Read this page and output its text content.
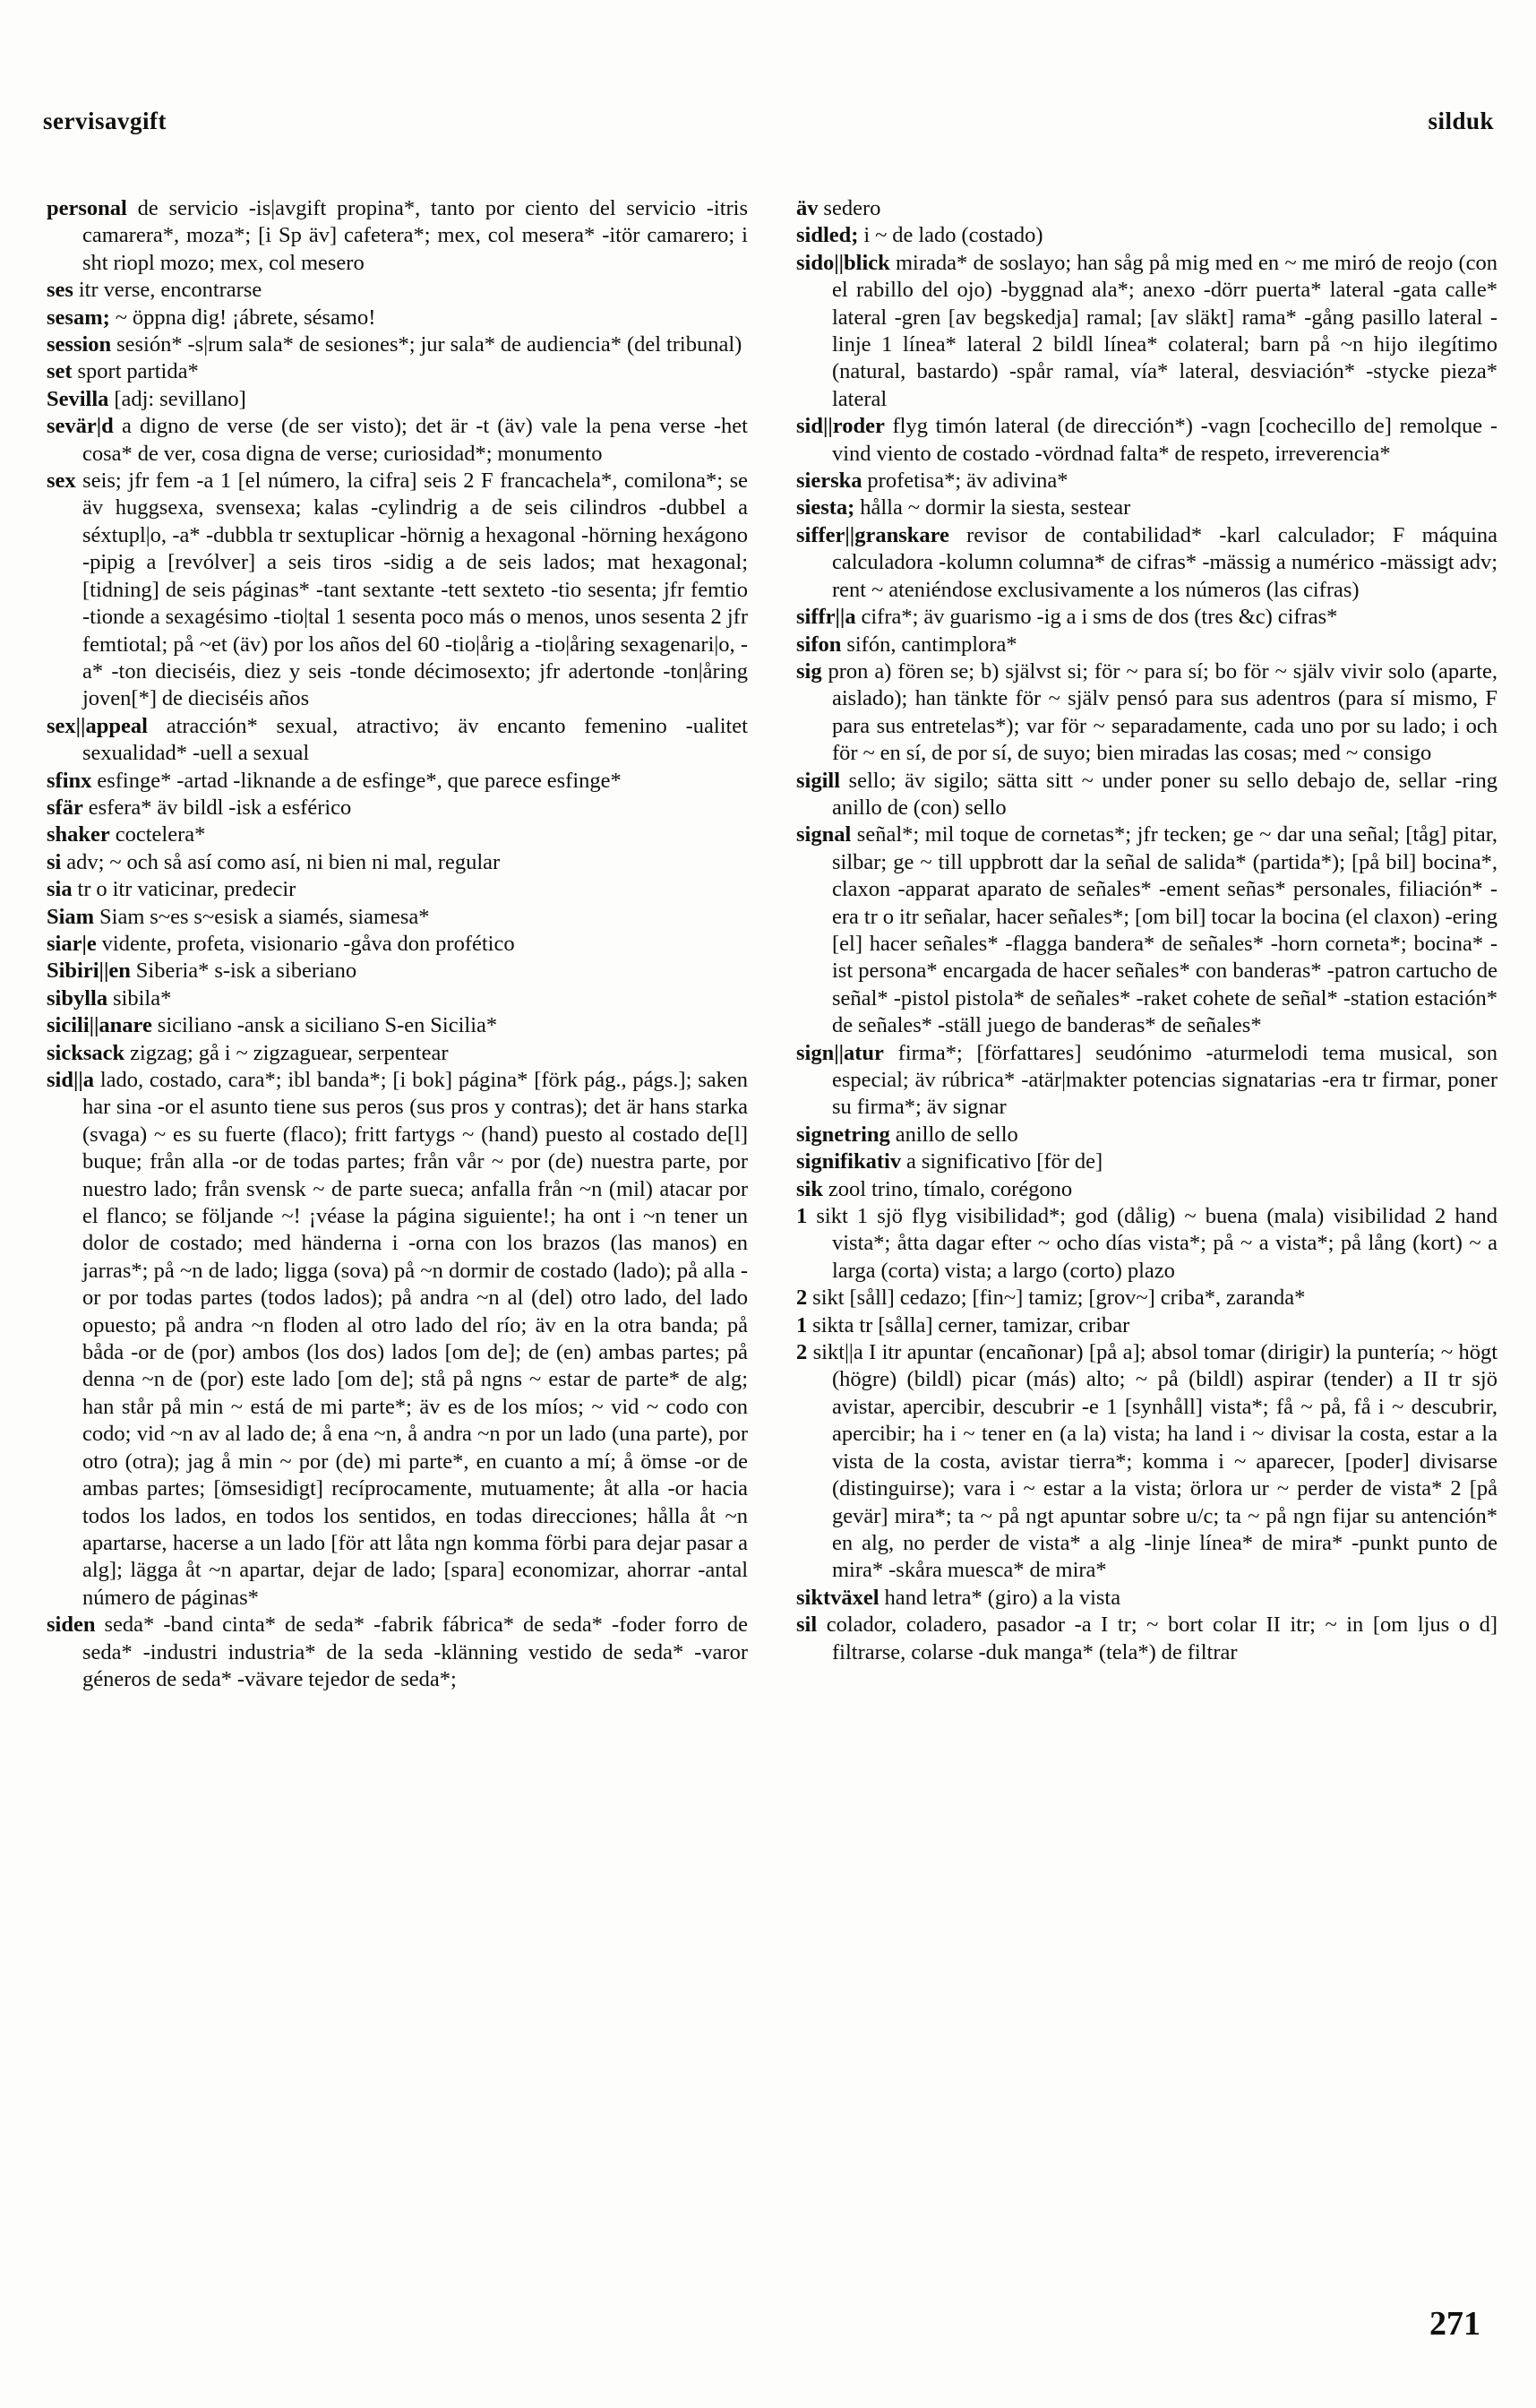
servisavgift	silduk

personal de servicio -is|avgift propina*, tanto por ciento del servicio -itris camarera*, moza*; [i Sp äv] cafetera*; mex, col mesera* -itör camarero; i sht riopl mozo; mex, col mesero

ses itr verse, encontrarse

sesam; ~ öppna dig! ¡ábrete, sésamo!

session sesión* -s|rum sala* de sesiones*; jur sala* de audiencia* (del tribunal)

set sport partida*

Sevilla [adj: sevillano]

sevär|d a digno de verse (de ser visto); det är -t (äv) vale la pena verse -het cosa* de ver, cosa digna de verse; curiosidad*; monumento

sex seis; jfr fem -a 1 [el número, la cifra] seis 2 F francachela*, comilona*; se äv huggsexa, svensexa; kalas -cylindrig a de seis cilindros -dubbel a séxtupl|o, -a* -dubbla tr sextuplicar -hörnig a hexagonal -hörning hexágono -pipig a [revólver] a seis tiros -sidig a de seis lados; mat hexagonal; [tidning] de seis páginas* -tant sextante -tett sexteto -tio sesenta; jfr femtio -tionde a sexagésimo -tio|tal 1 sesenta poco más o menos, unos sesenta 2 jfr femtiotal; på ~et (äv) por los años del 60 -tio|årig a -tio|åring sexagenari|o, -a* -ton dieciséis, diez y seis -tonde décimosexto; jfr adertonde -ton|åring joven[*] de dieciséis años

sex||appeal atracción* sexual, atractivo; äv encanto femenino -ualitet sexualidad* -uell a sexual

sfinx esfinge* -artad -liknande a de esfinge*, que parece esfinge*

sfär esfera* äv bildl -isk a esférico

shaker coctelera*

si adv; ~ och så así como así, ni bien ni mal, regular

sia tr o itr vaticinar, predecir

Siam Siam s~es s~esisk a siamés, siamesa*

siar|e vidente, profeta, visionario -gåva don profético

Sibiri||en Siberia* s-isk a siberiano

sibylla sibila*

sicili||anare siciliano -ansk a siciliano S-en Sicilia*

sicksack zigzag; gå i ~ zigzaguear, serpentear

sid||a lado, costado, cara*; ibl banda*; [i bok] página* [förk pág., págs.]; saken har sina -or el asunto tiene sus peros (sus pros y contras); det är hans starka (svaga) ~ es su fuerte (flaco); fritt fartygs ~ (hand) puesto al costado de[l] buque; från alla -or de todas partes; från vår ~ por (de) nuestra parte, por nuestro lado; från svensk ~ de parte sueca; anfalla från ~n (mil) atacar por el flanco; se följande ~! ¡véase la página siguiente!; ha ont i ~n tener un dolor de costado; med händerna i -orna con los brazos (las manos) en jarras*; på ~n de lado; ligga (sova) på ~n dormir de costado (lado); på alla -or por todas partes (todos lados); på andra ~n al (del) otro lado, del lado opuesto; på andra ~n floden al otro lado del río; äv en la otra banda; på båda -or de (por) ambos (los dos) lados [om de]; de (en) ambas partes; på denna ~n de (por) este lado [om de]; stå på ngns ~ estar de parte* de alg; han står på min ~ está de mi parte*; äv es de los míos; ~ vid ~ codo con codo; vid ~n av al lado de; å ena ~n, å andra ~n por un lado (una parte), por otro (otra); jag å min ~ por (de) mi parte*, en cuanto a mí; å ömse -or de ambas partes; [ömsesidigt] recíprocamente, mutuamente; åt alla -or hacia todos los lados, en todos los sentidos, en todas direcciones; hålla åt ~n apartarse, hacerse a un lado [för att låta ngn komma förbi para dejar pasar a alg]; lägga åt ~n apartar, dejar de lado; [spara] economizar, ahorrar -antal número de páginas*

siden seda* -band cinta* de seda* -fabrik fábrica* de seda* -foder forro de seda* -industri industria* de la seda -klänning vestido de seda* -varor géneros de seda* -vävare tejedor de seda*;

äv sedero

sidled; i ~ de lado (costado)

sido||blick mirada* de soslayo; han såg på mig med en ~ me miró de reojo (con el rabillo del ojo) -byggnad ala*; anexo -dörr puerta* lateral -gata calle* lateral -gren [av begskedja] ramal; [av släkt] rama* -gång pasillo lateral -linje 1 línea* lateral 2 bildl línea* colateral; barn på ~n hijo ilegítimo (natural, bastardo) -spår ramal, vía* lateral, desviación* -stycke pieza* lateral

sid||roder flyg timón lateral (de dirección*) -vagn [cochecillo de] remolque -vind viento de costado -vördnad falta* de respeto, irreverencia*

sierska profetisa*; äv adivina*

siesta; hålla ~ dormir la siesta, sestear

siffer||granskare revisor de contabilidad* -karl calculador; F máquina calculadora -kolumn columna* de cifras* -mässig a numérico -mässigt adv; rent ~ ateniéndose exclusivamente a los números (las cifras)

siffr||a cifra*; äv guarismo -ig a i sms de dos (tres &c) cifras*

sifon sifón, cantimplora*

sig pron a) fören se; b) självst si; för ~ para sí; bo för ~ själv vivir solo (aparte, aislado); han tänkte för ~ själv pensó para sus adentros (para sí mismo, F para sus entretelas*); var för ~ separadamente, cada uno por su lado; i och för ~ en sí, de por sí, de suyo; bien miradas las cosas; med ~ consigo

sigill sello; äv sigilo; sätta sitt ~ under poner su sello debajo de, sellar -ring anillo de (con) sello

signal señal*; mil toque de cornetas*; jfr tecken; ge ~ dar una señal; [tåg] pitar, silbar; ge ~ till uppbrott dar la señal de salida* (partida*); [på bil] bocina*, claxon -apparat aparato de señales* -ement señas* personales, filiación* -era tr o itr señalar, hacer señales*; [om bil] tocar la bocina (el claxon) -ering [el] hacer señales* -flagga bandera* de señales* -horn corneta*; bocina* -ist persona* encargada de hacer señales* con banderas* -patron cartucho de señal* -pistol pistola* de señales* -raket cohete de señal* -station estación* de señales* -ställ juego de banderas* de señales*

sign||atur firma*; [författares] seudónimo -aturmelodi tema musical, son especial; äv rúbrica* -atär|makter potencias signatarias -era tr firmar, poner su firma*; äv signar

signetring anillo de sello

signifikativ a significativo [för de]

sik zool trino, tímalo, corégono

1 sikt 1 sjö flyg visibilidad*; god (dålig) ~ buena (mala) visibilidad 2 hand vista*; åtta dagar efter ~ ocho días vista*; på ~ a vista*; på lång (kort) ~ a larga (corta) vista; a largo (corto) plazo

2 sikt [såll] cedazo; [fin~] tamiz; [grov~] criba*, zaranda*

1 sikta tr [sålla] cerner, tamizar, cribar

2 sikt||a I itr apuntar (encañonar) [på a]; absol tomar (dirigir) la puntería; ~ högt (högre) (bildl) picar (más) alto; ~ på (bildl) aspirar (tender) a II tr sjö avistar, apercibir, descubrir -e 1 [synhåll] vista*; få ~ på, få i ~ descubrir, apercibir; ha i ~ tener en (a la) vista; ha land i ~ divisar la costa, estar a la vista de la costa, avistar tierra*; komma i ~ aparecer, [poder] divisarse (distinguirse); vara i ~ estar a la vista; örlora ur ~ perder de vista* 2 [på gevär] mira*; ta ~ på ngt apuntar sobre u/c; ta ~ på ngn fijar su antención* en alg, no perder de vista* a alg -linje línea* de mira* -punkt punto de mira* -skåra muesca* de mira*

siktväxel hand letra* (giro) a la vista

sil colador, coladero, pasador -a I tr; ~ bort colar II itr; ~ in [om ljus o d] filtrarse, colarse -duk manga* (tela*) de filtrar

271
